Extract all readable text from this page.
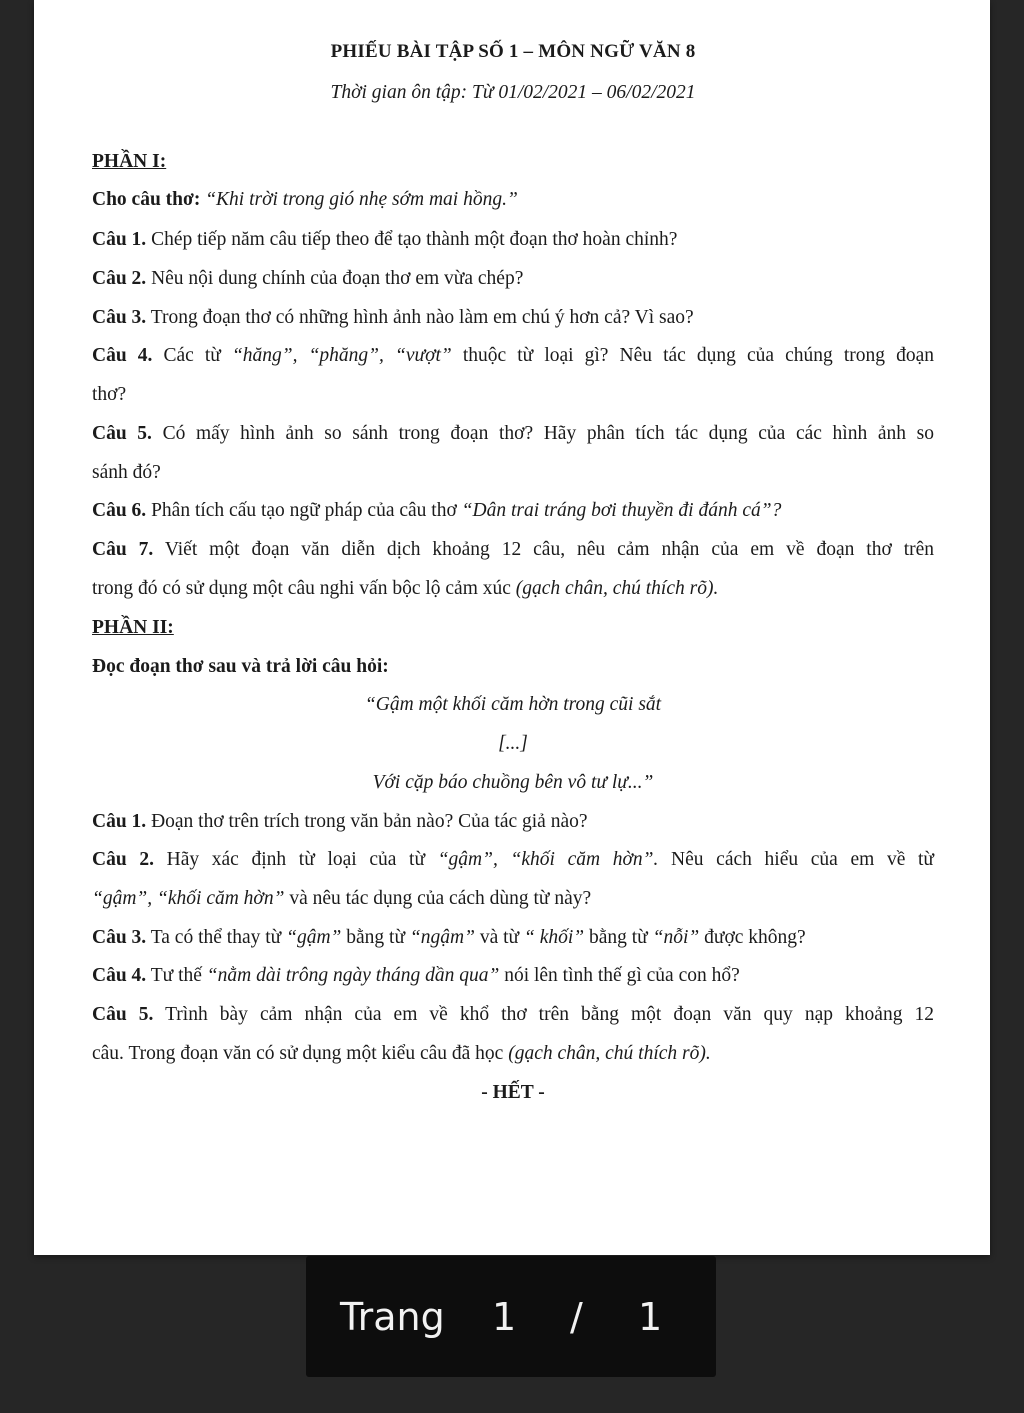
PHIẾU BÀI TẬP SỐ 1 – MÔN NGỮ VĂN 8
Thời gian ôn tập: Từ 01/02/2021 – 06/02/2021
PHẦN I:
Cho câu thơ: “Khi trời trong gió nhẹ sớm mai hồng.”
Câu 1. Chép tiếp năm câu tiếp theo để tạo thành một đoạn thơ hoàn chỉnh?
Câu 2. Nêu nội dung chính của đoạn thơ em vừa chép?
Câu 3. Trong đoạn thơ có những hình ảnh nào làm em chú ý hơn cả? Vì sao?
Câu 4. Các từ “hăng”, “phăng”, “vượt” thuộc từ loại gì? Nêu tác dụng của chúng trong đoạn
thơ?
Câu 5. Có mấy hình ảnh so sánh trong đoạn thơ? Hãy phân tích tác dụng của các hình ảnh so
sánh đó?
Câu 6. Phân tích cấu tạo ngữ pháp của câu thơ “Dân trai tráng bơi thuyền đi đánh cá”?
Câu 7. Viết một đoạn văn diễn dịch khoảng 12 câu, nêu cảm nhận của em về đoạn thơ trên
trong đó có sử dụng một câu nghi vấn bộc lộ cảm xúc (gạch chân, chú thích rõ).
PHẦN II:
Đọc đoạn thơ sau và trả lời câu hỏi:
“Gậm một khối căm hờn trong cũi sắt
[...]
Với cặp báo chuồng bên vô tư lự...”
Câu 1. Đoạn thơ trên trích trong văn bản nào? Của tác giả nào?
Câu 2. Hãy xác định từ loại của từ “gậm”, “khối căm hờn”. Nêu cách hiểu của em về từ
“gậm”, “khối căm hờn” và nêu tác dụng của cách dùng từ này?
Câu 3. Ta có thể thay từ “gậm” bằng từ “ngậm” và từ “ khối” bằng từ “nỗi” được không?
Câu 4. Tư thế “nằm dài trông ngày tháng dần qua” nói lên tình thế gì của con hổ?
Câu 5. Trình bày cảm nhận của em về khổ thơ trên bằng một đoạn văn quy nạp khoảng 12
câu. Trong đoạn văn có sử dụng một kiểu câu đã học (gạch chân, chú thích rõ).
- HẾT -
Trang 1 / 1
